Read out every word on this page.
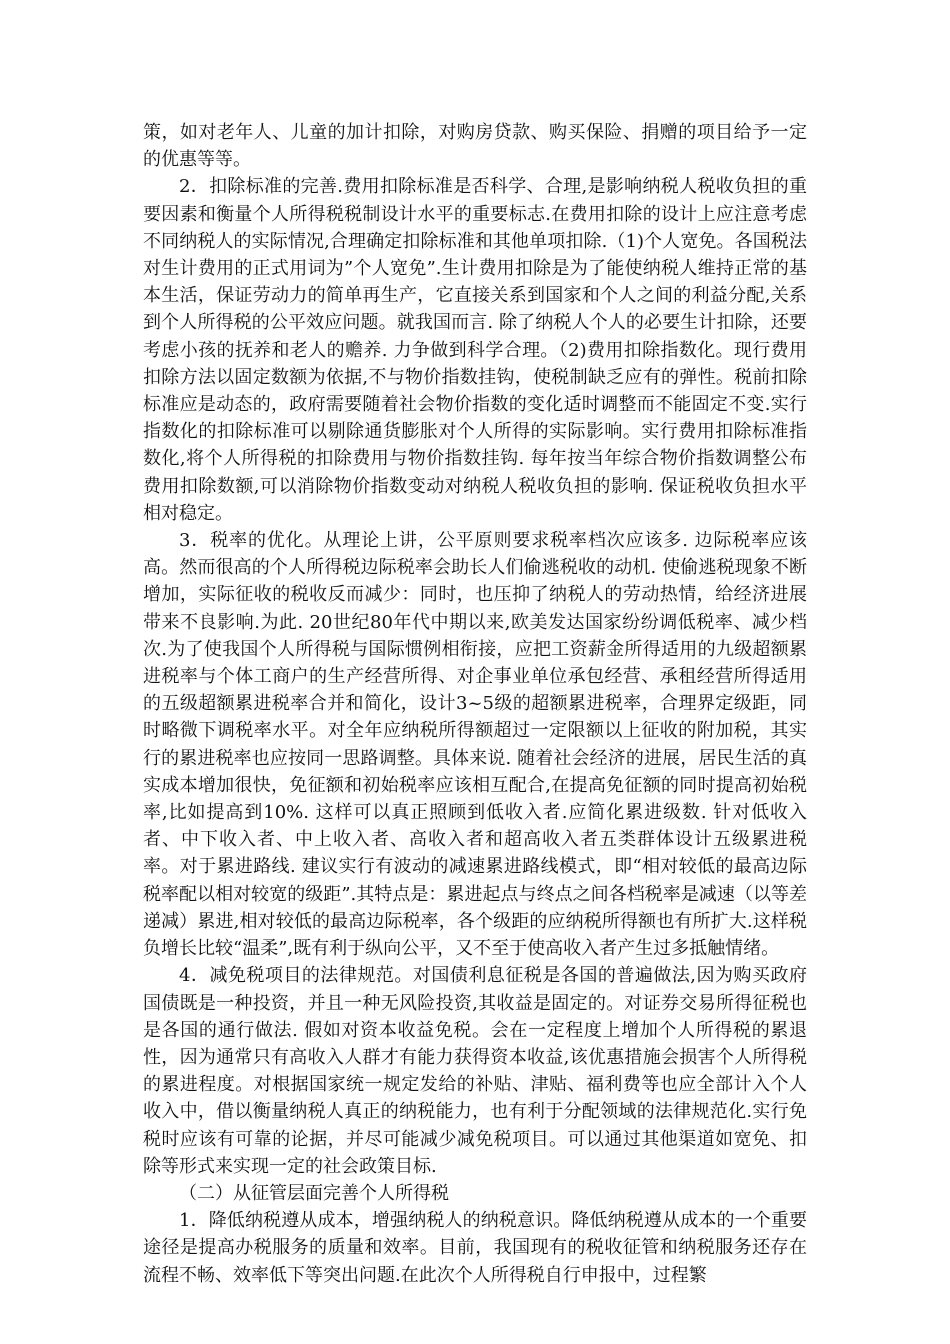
策，如对老年人、儿童的加计扣除，对购房贷款、购买保险、捐赠的项目给予一定的优惠等等。

2．扣除标准的完善.费用扣除标准是否科学、合理,是影响纳税人税收负担的重要因素和衡量个人所得税税制设计水平的重要标志.在费用扣除的设计上应注意考虑不同纳税人的实际情况,合理确定扣除标准和其他单项扣除.（1)个人宽免。各国税法对生计费用的正式用词为”个人宽免”.生计费用扣除是为了能使纳税人维持正常的基本生活，保证劳动力的简单再生产，它直接关系到国家和个人之间的利益分配,关系到个人所得税的公平效应问题。就我国而言. 除了纳税人个人的必要生计扣除，还要考虑小孩的抚养和老人的赡养. 力争做到科学合理。（2)费用扣除指数化。现行费用扣除方法以固定数额为依据,不与物价指数挂钩，使税制缺乏应有的弹性。税前扣除标准应是动态的，政府需要随着社会物价指数的变化适时调整而不能固定不变.实行指数化的扣除标准可以剔除通货膨胀对个人所得的实际影响。实行费用扣除标准指数化,将个人所得税的扣除费用与物价指数挂钩. 每年按当年综合物价指数调整公布费用扣除数额,可以消除物价指数变动对纳税人税收负担的影响. 保证税收负担水平相对稳定。

3．税率的优化。从理论上讲，公平原则要求税率档次应该多. 边际税率应该高。然而很高的个人所得税边际税率会助长人们偷逃税收的动机. 使偷逃税现象不断增加，实际征收的税收反而减少：同时，也压抑了纳税人的劳动热情，给经济进展带来不良影响.为此. 20世纪80年代中期以来,欧美发达国家纷纷调低税率、减少档次.为了使我国个人所得税与国际惯例相衔接，应把工资薪金所得适用的九级超额累进税率与个体工商户的生产经营所得、对企事业单位承包经营、承租经营所得适用的五级超额累进税率合并和简化，设计3~5级的超额累进税率，合理界定级距，同时略微下调税率水平。对全年应纳税所得额超过一定限额以上征收的附加税，其实行的累进税率也应按同一思路调整。具体来说. 随着社会经济的进展，居民生活的真实成本增加很快，免征额和初始税率应该相互配合,在提高免征额的同时提高初始税率,比如提高到10%. 这样可以真正照顾到低收入者.应简化累进级数. 针对低收入者、中下收入者、中上收入者、高收入者和超高收入者五类群体设计五级累进税率。对于累进路线. 建议实行有波动的减速累进路线模式，即“相对较低的最高边际税率配以相对较宽的级距”.其特点是：累进起点与终点之间各档税率是减速（以等差递减）累进,相对较低的最高边际税率，各个级距的应纳税所得额也有所扩大.这样税负增长比较“温柔”,既有利于纵向公平，又不至于使高收入者产生过多抵触情绪。

4．减免税项目的法律规范。对国债利息征税是各国的普遍做法,因为购买政府国债既是一种投资，并且一种无风险投资,其收益是固定的。对证券交易所得征税也是各国的通行做法. 假如对资本收益免税。会在一定程度上增加个人所得税的累退性，因为通常只有高收入人群才有能力获得资本收益,该优惠措施会损害个人所得税的累进程度。对根据国家统一规定发给的补贴、津贴、福利费等也应全部计入个人收入中，借以衡量纳税人真正的纳税能力，也有利于分配领域的法律规范化.实行免税时应该有可靠的论据，并尽可能减少减免税项目。可以通过其他渠道如宽免、扣除等形式来实现一定的社会政策目标.

（二）从征管层面完善个人所得税

1．降低纳税遵从成本，增强纳税人的纳税意识。降低纳税遵从成本的一个重要途径是提高办税服务的质量和效率。目前，我国现有的税收征管和纳税服务还存在流程不畅、效率低下等突出问题.在此次个人所得税自行申报中，过程繁
